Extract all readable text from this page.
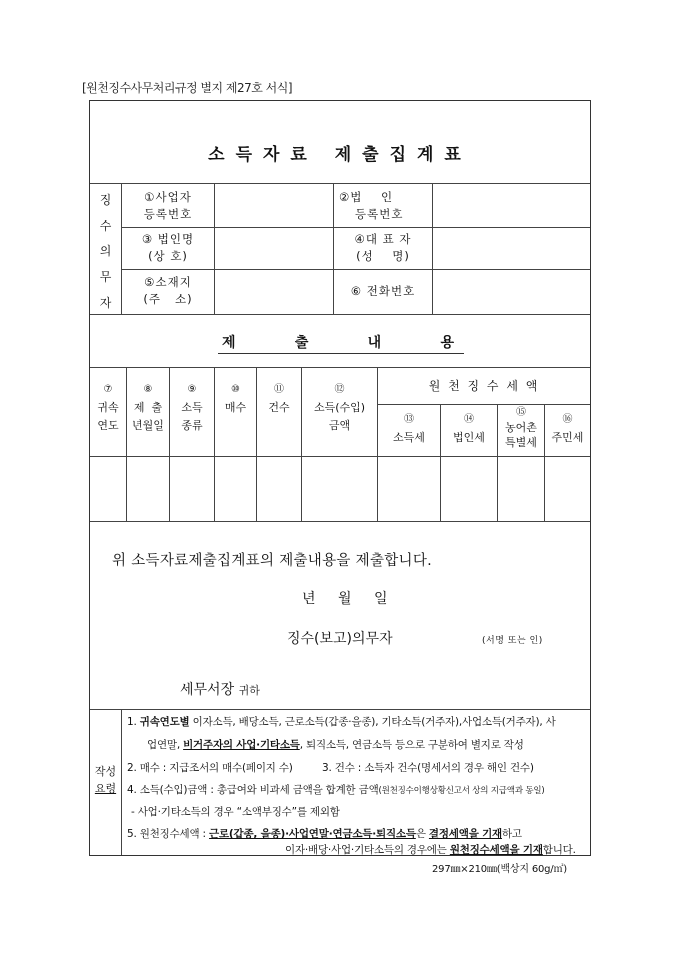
[원천징수사무처리규정 별지 제27호 서식]
소득자료 제출집계표
징
수
의
무
자
①사업자
등록번호
②법    인
등록번호
③ 법인명
(상 호)
④대 표 자
(성    명)
⑤소재지
(주   소)
⑥ 전화번호
제	출	내	용
⑦
귀속
연도
⑧
제  출
년월일
⑨
소득
종류
⑩
매수
⑪
건수
⑫
소득(수입)
금액
원 천 징 수 세 액
⑬
소득세
⑭
법인세
⑮
농어촌
특별세
⑯
주민세
위 소득자료제출집계표의 제출내용을 제출합니다.
년 월 일
징수(보고)의무자	(서명 또는 인)
세무서장 귀하
작성
요령
1. 귀속연도별 이자소득, 배당소득, 근로소득(갑종·을종), 기타소득(거주자),사업소득(거주자), 사
업연말, 비거주자의 사업·기타소득, 퇴직소득, 연금소득 등으로 구분하여 별지로 작성
2. 매수 : 지급조서의 매수(페이지 수)	3. 건수 : 소득자 건수(명세서의 경우 해인 건수)
4. 소득(수입)금액 : 총급여와 비과세 금액을 합계한 금액(원천징수이행상황신고서 상의 지급액과 동일)
- 사업·기타소득의 경우 “소액부징수”를 제외함
5. 원천징수세액 : 근로(갑종, 을종)·사업연말·연금소득·퇴직소득은 결정세액을 기재하고
이자·배당·사업·기타소득의 경우에는 원천징수세액을 기재합니다.
297㎜×210㎜(백상지 60g/㎡)
